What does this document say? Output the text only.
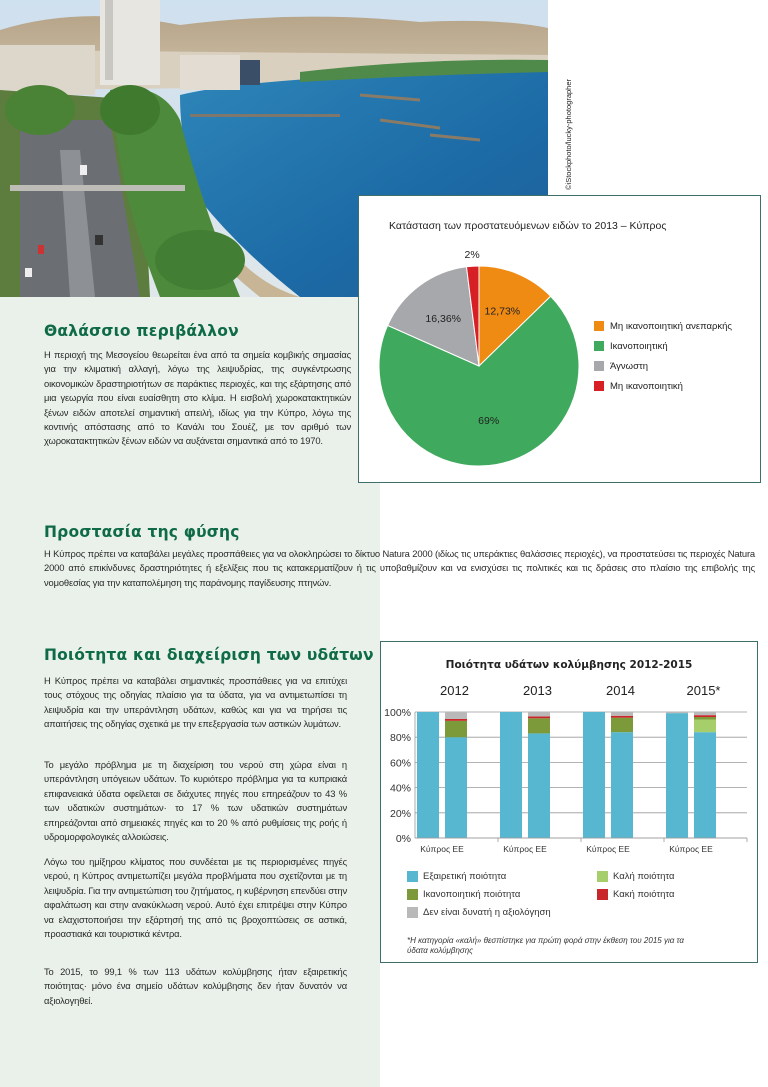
©iStockphoto/lucky-photographer
Θαλάσσιο περιβάλλον

Η περιοχή της Μεσογείου θεωρείται ένα από τα σημεία κομβικής σημασίας για την κλιματική αλλαγή, λόγω της λειψυδρίας, της συγκέντρωσης οικονομικών δραστηριοτήτων σε παράκτιες περιοχές, και της εξάρτησης από μια γεωργία που είναι ευαίσθητη στο κλίμα. Η εισβολή χωροκατακτητικών ξένων ειδών αποτελεί σημαντική απειλή, ιδίως για την Κύπρο, λόγω της κοντινής απόστασης από το Κανάλι του Σουέζ, με τον αριθμό των χωροκατακτητικών ξένων ειδών να αυξάνεται σημαντικά από το 1970.

Κατάσταση των προστατευόμενων ειδών το 2013 – Κύπρος
12,73%
69%
16,36%
2%
Μη ικανοποιητική ανεπαρκής
Ικανοποιητική
Άγνωστη
Μη ικανοποιητική
Προστασία της φύσης

Η Κύπρος πρέπει να καταβάλει μεγάλες προσπάθειες για να ολοκληρώσει το δίκτυο Natura 2000 (ιδίως τις υπεράκτιες θαλάσσιες περιοχές), να προστατεύσει τις περιοχές Natura 2000 από επικίνδυνες δραστηριότητες ή εξελίξεις που τις κατακερματίζουν ή τις υποβαθμίζουν και να ενισχύσει τις πολιτικές και τις δράσεις στο πλαίσιο της επιβολής της νομοθεσίας για την καταπολέμηση της παράνομης παγίδευσης πτηνών.

Ποιότητα και διαχείριση των υδάτων

Η Κύπρος πρέπει να καταβάλει σημαντικές προσπάθειες για να επιτύχει τους στόχους της οδηγίας πλαίσιο για τα ύδατα, για να αντιμετωπίσει τη λειψυδρία και την υπεράντληση υδάτων, καθώς και για να τηρήσει τις απαιτήσεις της οδηγίας σχετικά με την επεξεργασία των αστικών λυμάτων.

Το μεγάλο πρόβλημα με τη διαχείριση του νερού στη χώρα είναι η υπεράντληση υπόγειων υδάτων. Το κυριότερο πρόβλημα για τα κυπριακά επιφανειακά ύδατα οφείλεται σε διάχυτες πηγές που επηρεάζουν το 43 % των υδατικών συστημάτων· το 17 % των υδατικών συστημάτων επηρεάζονται από σημειακές πηγές και το 20 % από ρυθμίσεις της ροής ή υδρομορφολογικές αλλοιώσεις.

Λόγω του ημίξηρου κλίματος που συνδέεται με τις περιορισμένες πηγές νερού, η Κύπρος αντιμετωπίζει μεγάλα προβλήματα που σχετίζονται με τη λειψυδρία. Για την αντιμετώπιση του ζητήματος, η κυβέρνηση επενδύει στην αφαλάτωση και στην ανακύκλωση νερού. Αυτό έχει επιτρέψει στην Κύπρο να ελαχιστοποιήσει την εξάρτησή της από τις βροχοπτώσεις σε αστικά, προαστιακά και τουριστικά κέντρα.

Το 2015, το 99,1 % των 113 υδάτων κολύμβησης ήταν εξαιρετικής ποιότητας· μόνο ένα σημείο υδάτων κολύμβησης δεν ήταν δυνατόν να αξιολογηθεί.

Ποιότητα υδάτων κολύμβησης 2012-2015
0%
20%
40%
60%
80%
100%
2012
Κύπρος ΕΕ
2013
Κύπρος ΕΕ
2014
Κύπρος ΕΕ
2015*
Κύπρος ΕΕ
Εξαιρετική ποιότητα	Καλή ποιότητα
Ικανοποιητική ποιότητα	Κακή ποιότητα
Δεν είναι δυνατή η αξιολόγηση
*Η κατηγορία «καλή» θεσπίστηκε για πρώτη φορά στην έκθεση του 2015 για τα ύδατα κολύμβησης
